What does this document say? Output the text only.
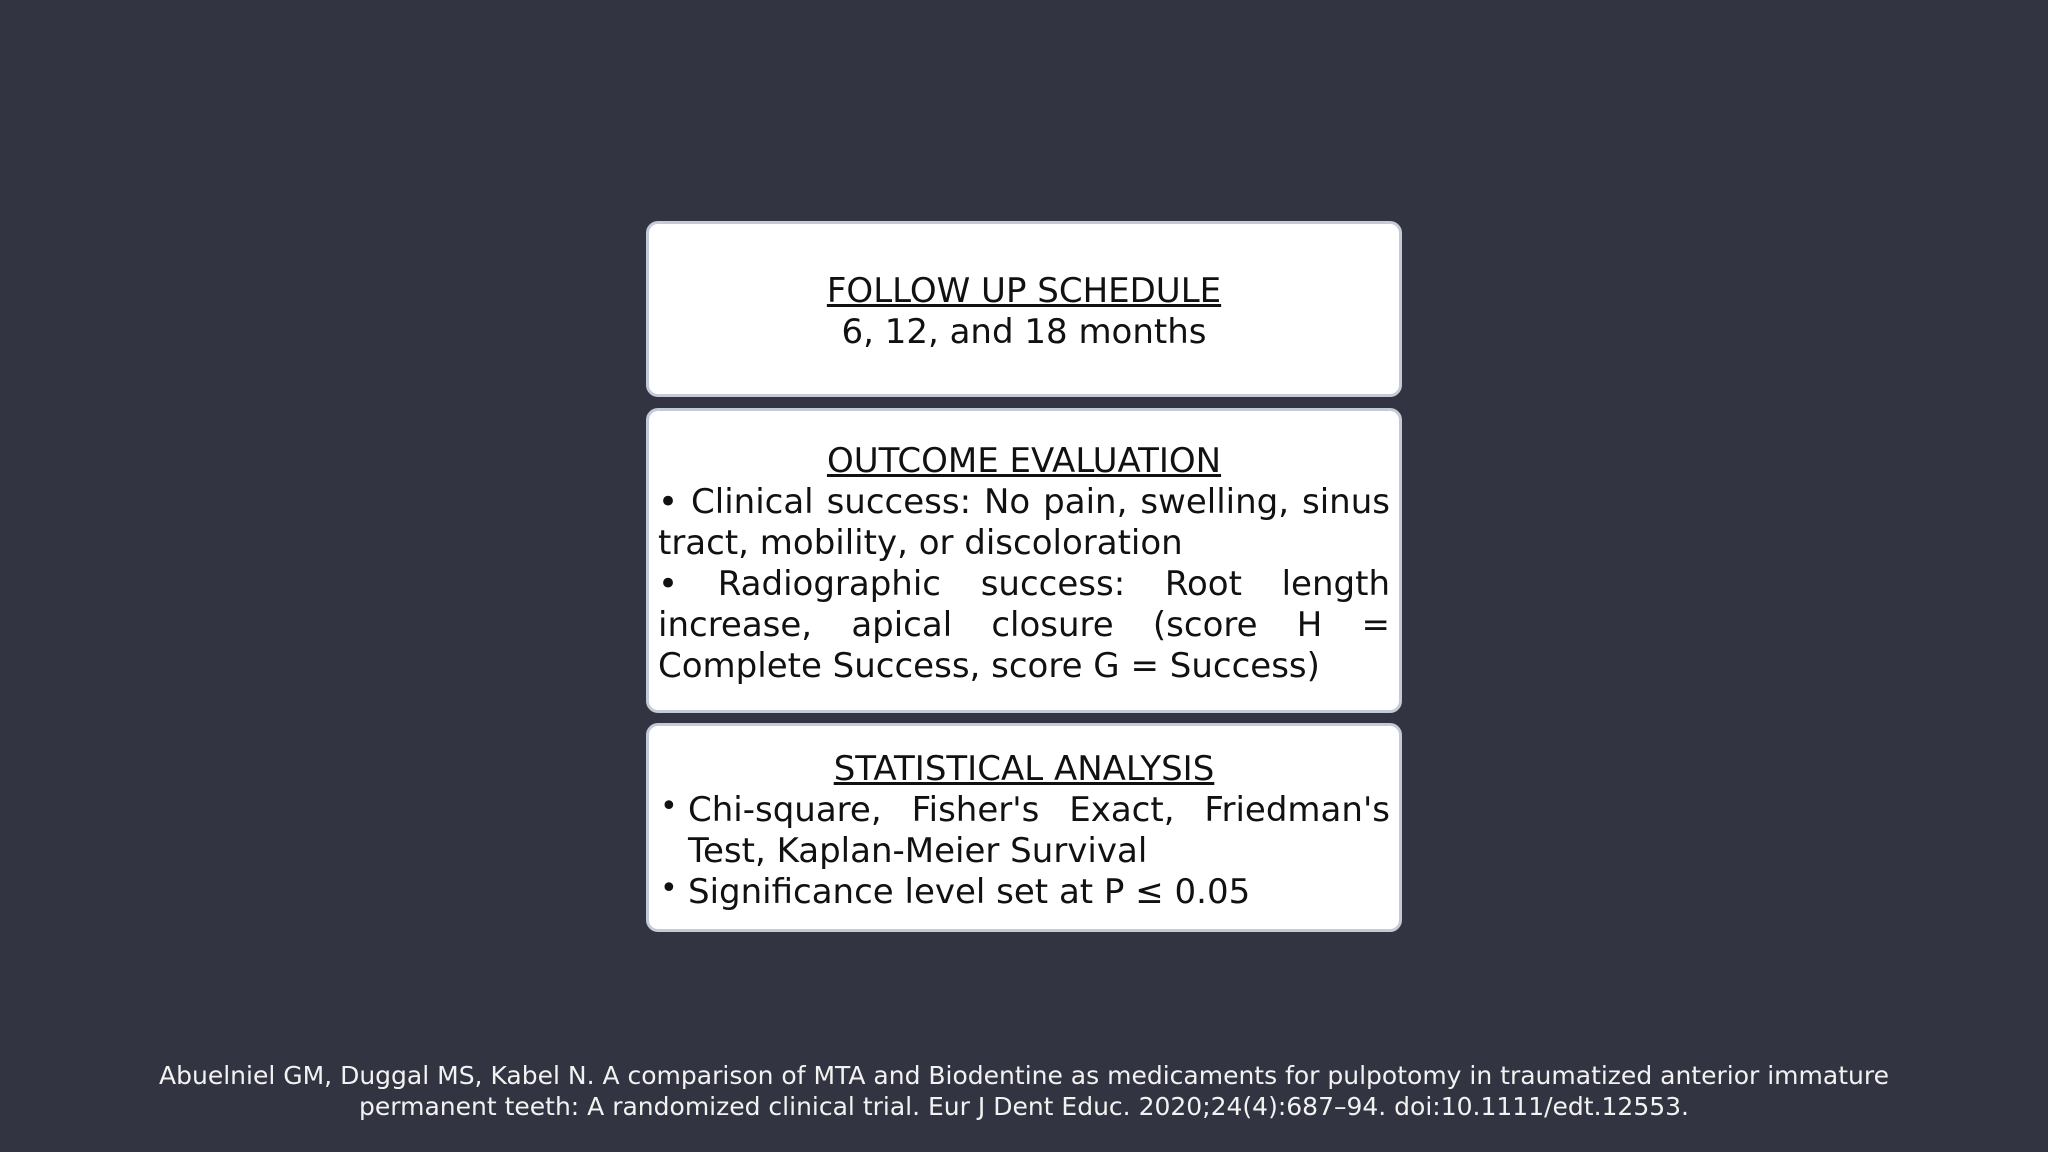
FOLLOW UP SCHEDULE
6, 12, and 18 months
OUTCOME EVALUATION

• Clinical success: No pain, swelling, sinus tract, mobility, or discoloration

• Radiographic success: Root length increase, apical closure (score H = Complete Success, score G = Success)

STATISTICAL ANALYSIS
• Chi-square, Fisher's Exact, Friedman's Test, Kaplan-Meier Survival
• Significance level set at P ≤ 0.05
Abuelniel GM, Duggal MS, Kabel N. A comparison of MTA and Biodentine as medicaments for pulpotomy in traumatized anterior immature
permanent teeth: A randomized clinical trial. Eur J Dent Educ. 2020;24(4):687–94. doi:10.1111/edt.12553.
